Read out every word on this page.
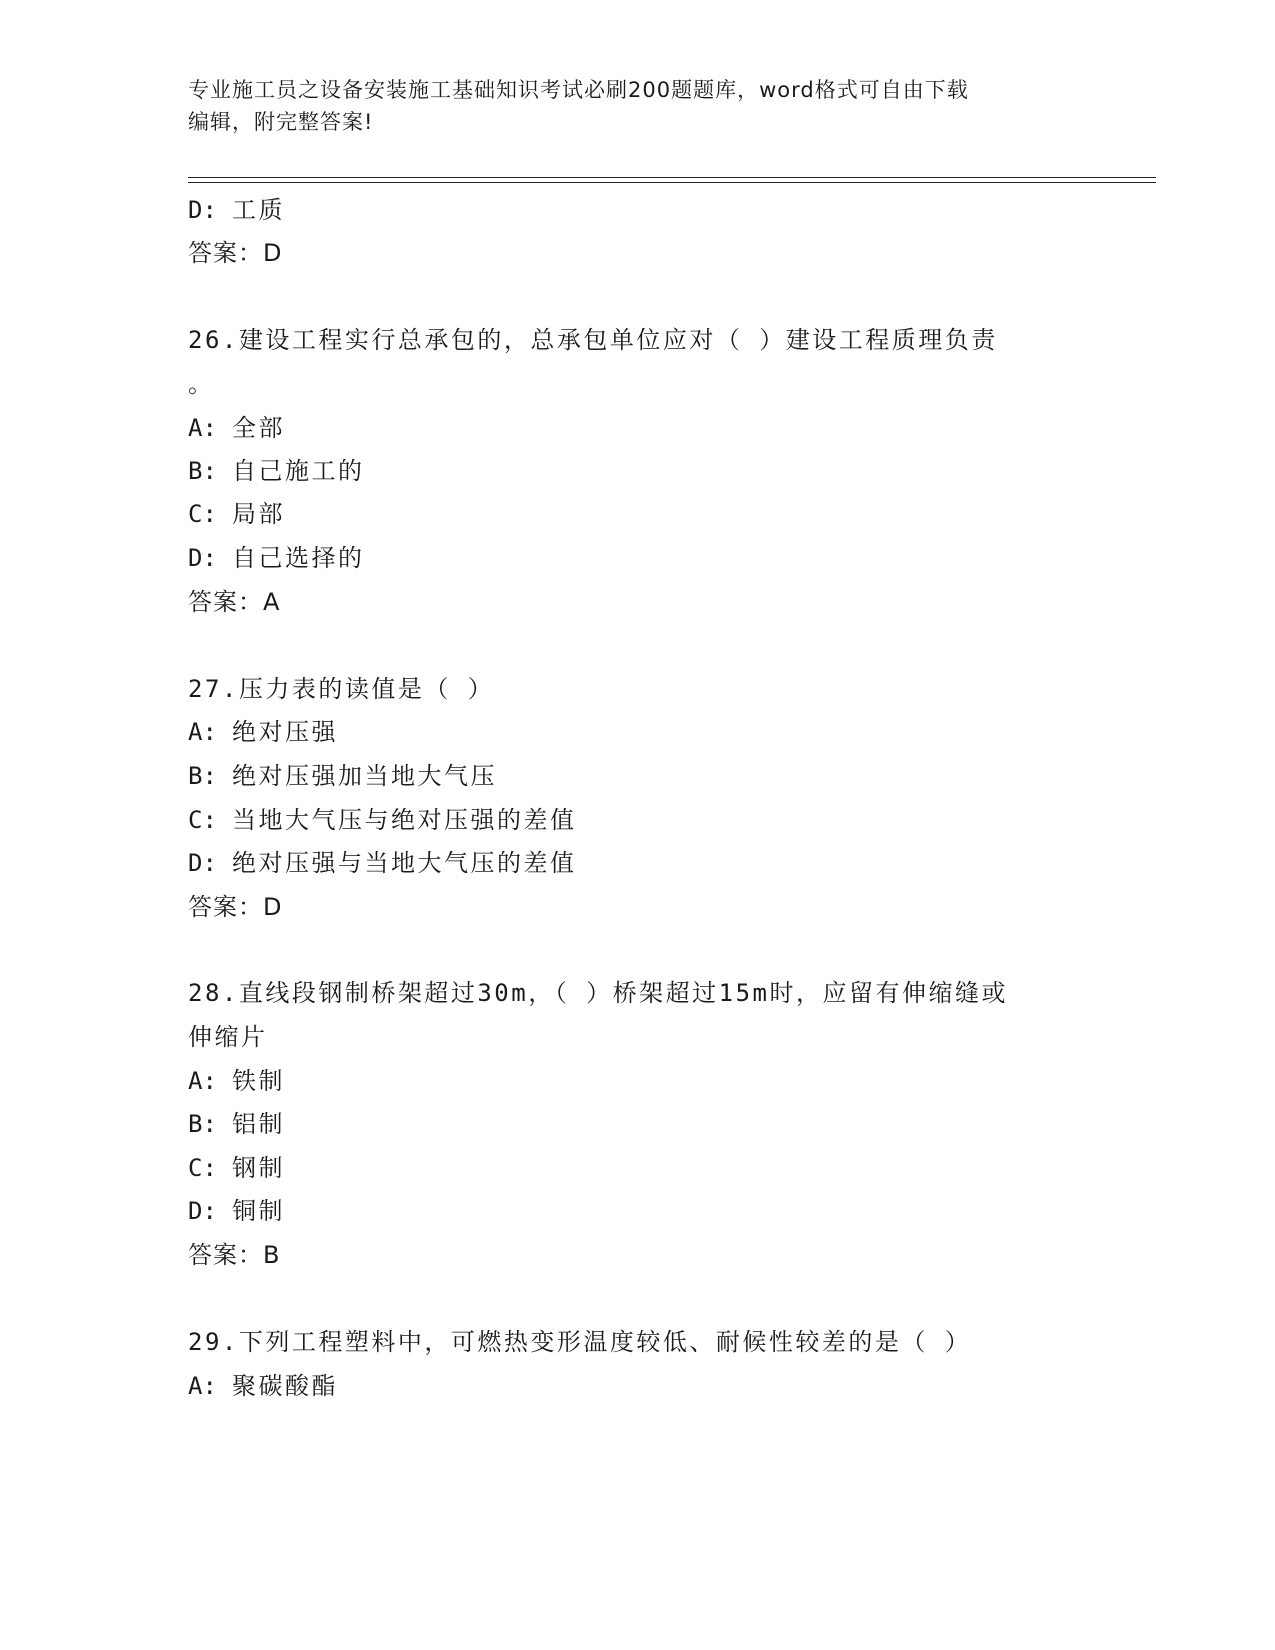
专业施工员之设备安装施工基础知识考试必刷200题题库，word格式可自由下载
编辑，附完整答案!
D: 工质
答案：D
26.建设工程实行总承包的，总承包单位应对（ ）建设工程质理负责
。
A: 全部
B: 自己施工的
C: 局部
D: 自己选择的
答案：A
27.压力表的读值是（ ）
A: 绝对压强
B: 绝对压强加当地大气压
C: 当地大气压与绝对压强的差值
D: 绝对压强与当地大气压的差值
答案：D
28.直线段钢制桥架超过30m，（ ）桥架超过15m时，应留有伸缩缝或
伸缩片
A: 铁制
B: 铝制
C: 钢制
D: 铜制
答案：B
29.下列工程塑料中，可燃热变形温度较低、耐候性较差的是（ ）
A: 聚碳酸酯
